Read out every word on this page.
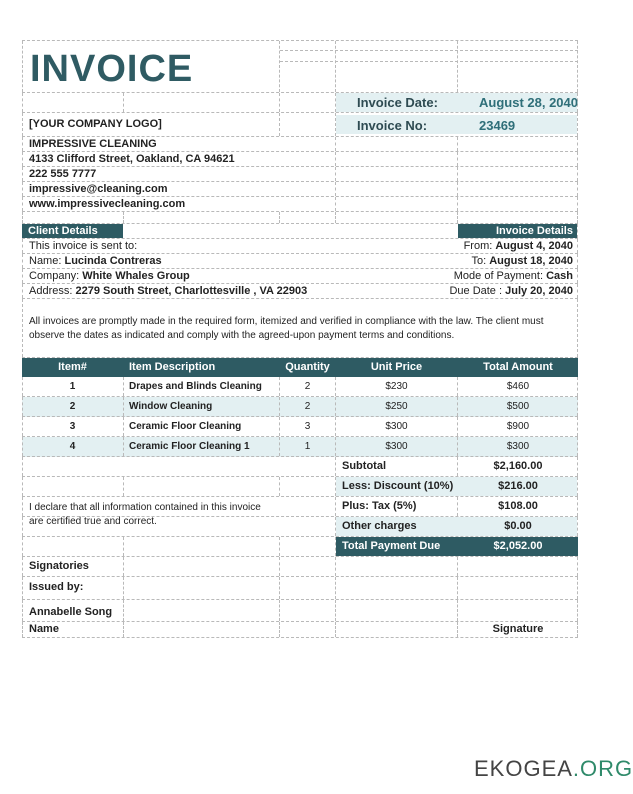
INVOICE
Invoice Date:	August 28, 2040
[YOUR COMPANY LOGO]	Invoice No:	23469
IMPRESSIVE CLEANING
4133 Clifford Street, Oakland, CA 94621
222 555 7777
impressive@cleaning.com
www.impressivecleaning.com
Client Details	Invoice Details
This invoice is sent to:	From: August 4, 2040
Name: Lucinda Contreras	To: August 18, 2040
Company: White Whales Group	Mode of Payment: Cash
Address: 2279 South Street, Charlottesville , VA 22903	Due Date : July 20, 2040
All invoices are promptly made in the required form, itemized and verified in compliance with the law. The client must observe the dates as indicated and comply with the agreed-upon payment terms and conditions.
Item#	Item Description	Quantity	Unit Price	Total Amount
1	Drapes and Blinds Cleaning	2	$230	$460
2	Window Cleaning	2	$250	$500
3	Ceramic Floor Cleaning	3	$300	$900
4	Ceramic Floor Cleaning 1	1	$300	$300
Subtotal	$2,160.00
Less: Discount (10%)	$216.00
I declare that all information contained in this invoice are certified true and correct.
Plus: Tax (5%)	$108.00
Other charges	$0.00
Total Payment Due	$2,052.00
Signatories
Issued by:
Annabelle Song
Name	Signature
EKOGEA.ORG
